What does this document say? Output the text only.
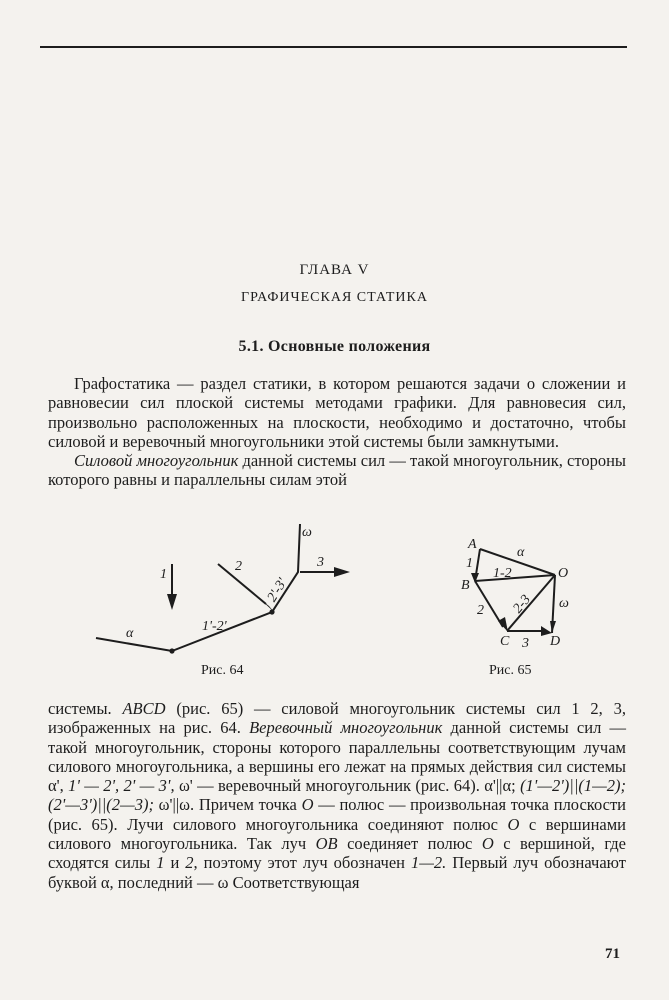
ГЛАВА V
ГРАФИЧЕСКАЯ СТАТИКА
5.1. Основные положения

Графостатика — раздел статики, в котором решаются задачи о сложении и равновесии сил плоской системы методами графики. Для равновесия сил, произвольно расположенных на плоскости, необходимо и достаточно, чтобы силовой и веревочный многоугольники этой системы были замкнутыми.

Силовой многоугольник данной системы сил — такой многоугольник, стороны которого равны и параллельны силам этой

ω
1
2	3
α	1'-2'
2'-3'
Рис. 64
A
α
O
1
1-2
B
2-3 ω
2
C 3 D
Рис. 65

системы. ABCD (рис. 65) — силовой многоугольник системы сил 1 2, 3, изображенных на рис. 64. Веревочный многоугольник данной системы сил — такой многоугольник, стороны которого параллельны соответствующим лучам силового многоугольника, а вершины его лежат на прямых действия сил системы α', 1' — 2', 2' — 3', ω' — веревочный многоугольник (рис. 64). α'||α; (1'—2')||(1—2); (2'—3')||(2—3); ω'||ω. Причем точка O — полюс — произвольная точка плоскости (рис. 65). Лучи силового многоугольника соединяют полюс O с вершинами силового многоугольника. Так луч OB соединяет полюс O с вершиной, где сходятся силы 1 и 2, поэтому этот луч обозначен 1—2. Первый луч обозначают буквой α, последний — ω Соответствующая

71
